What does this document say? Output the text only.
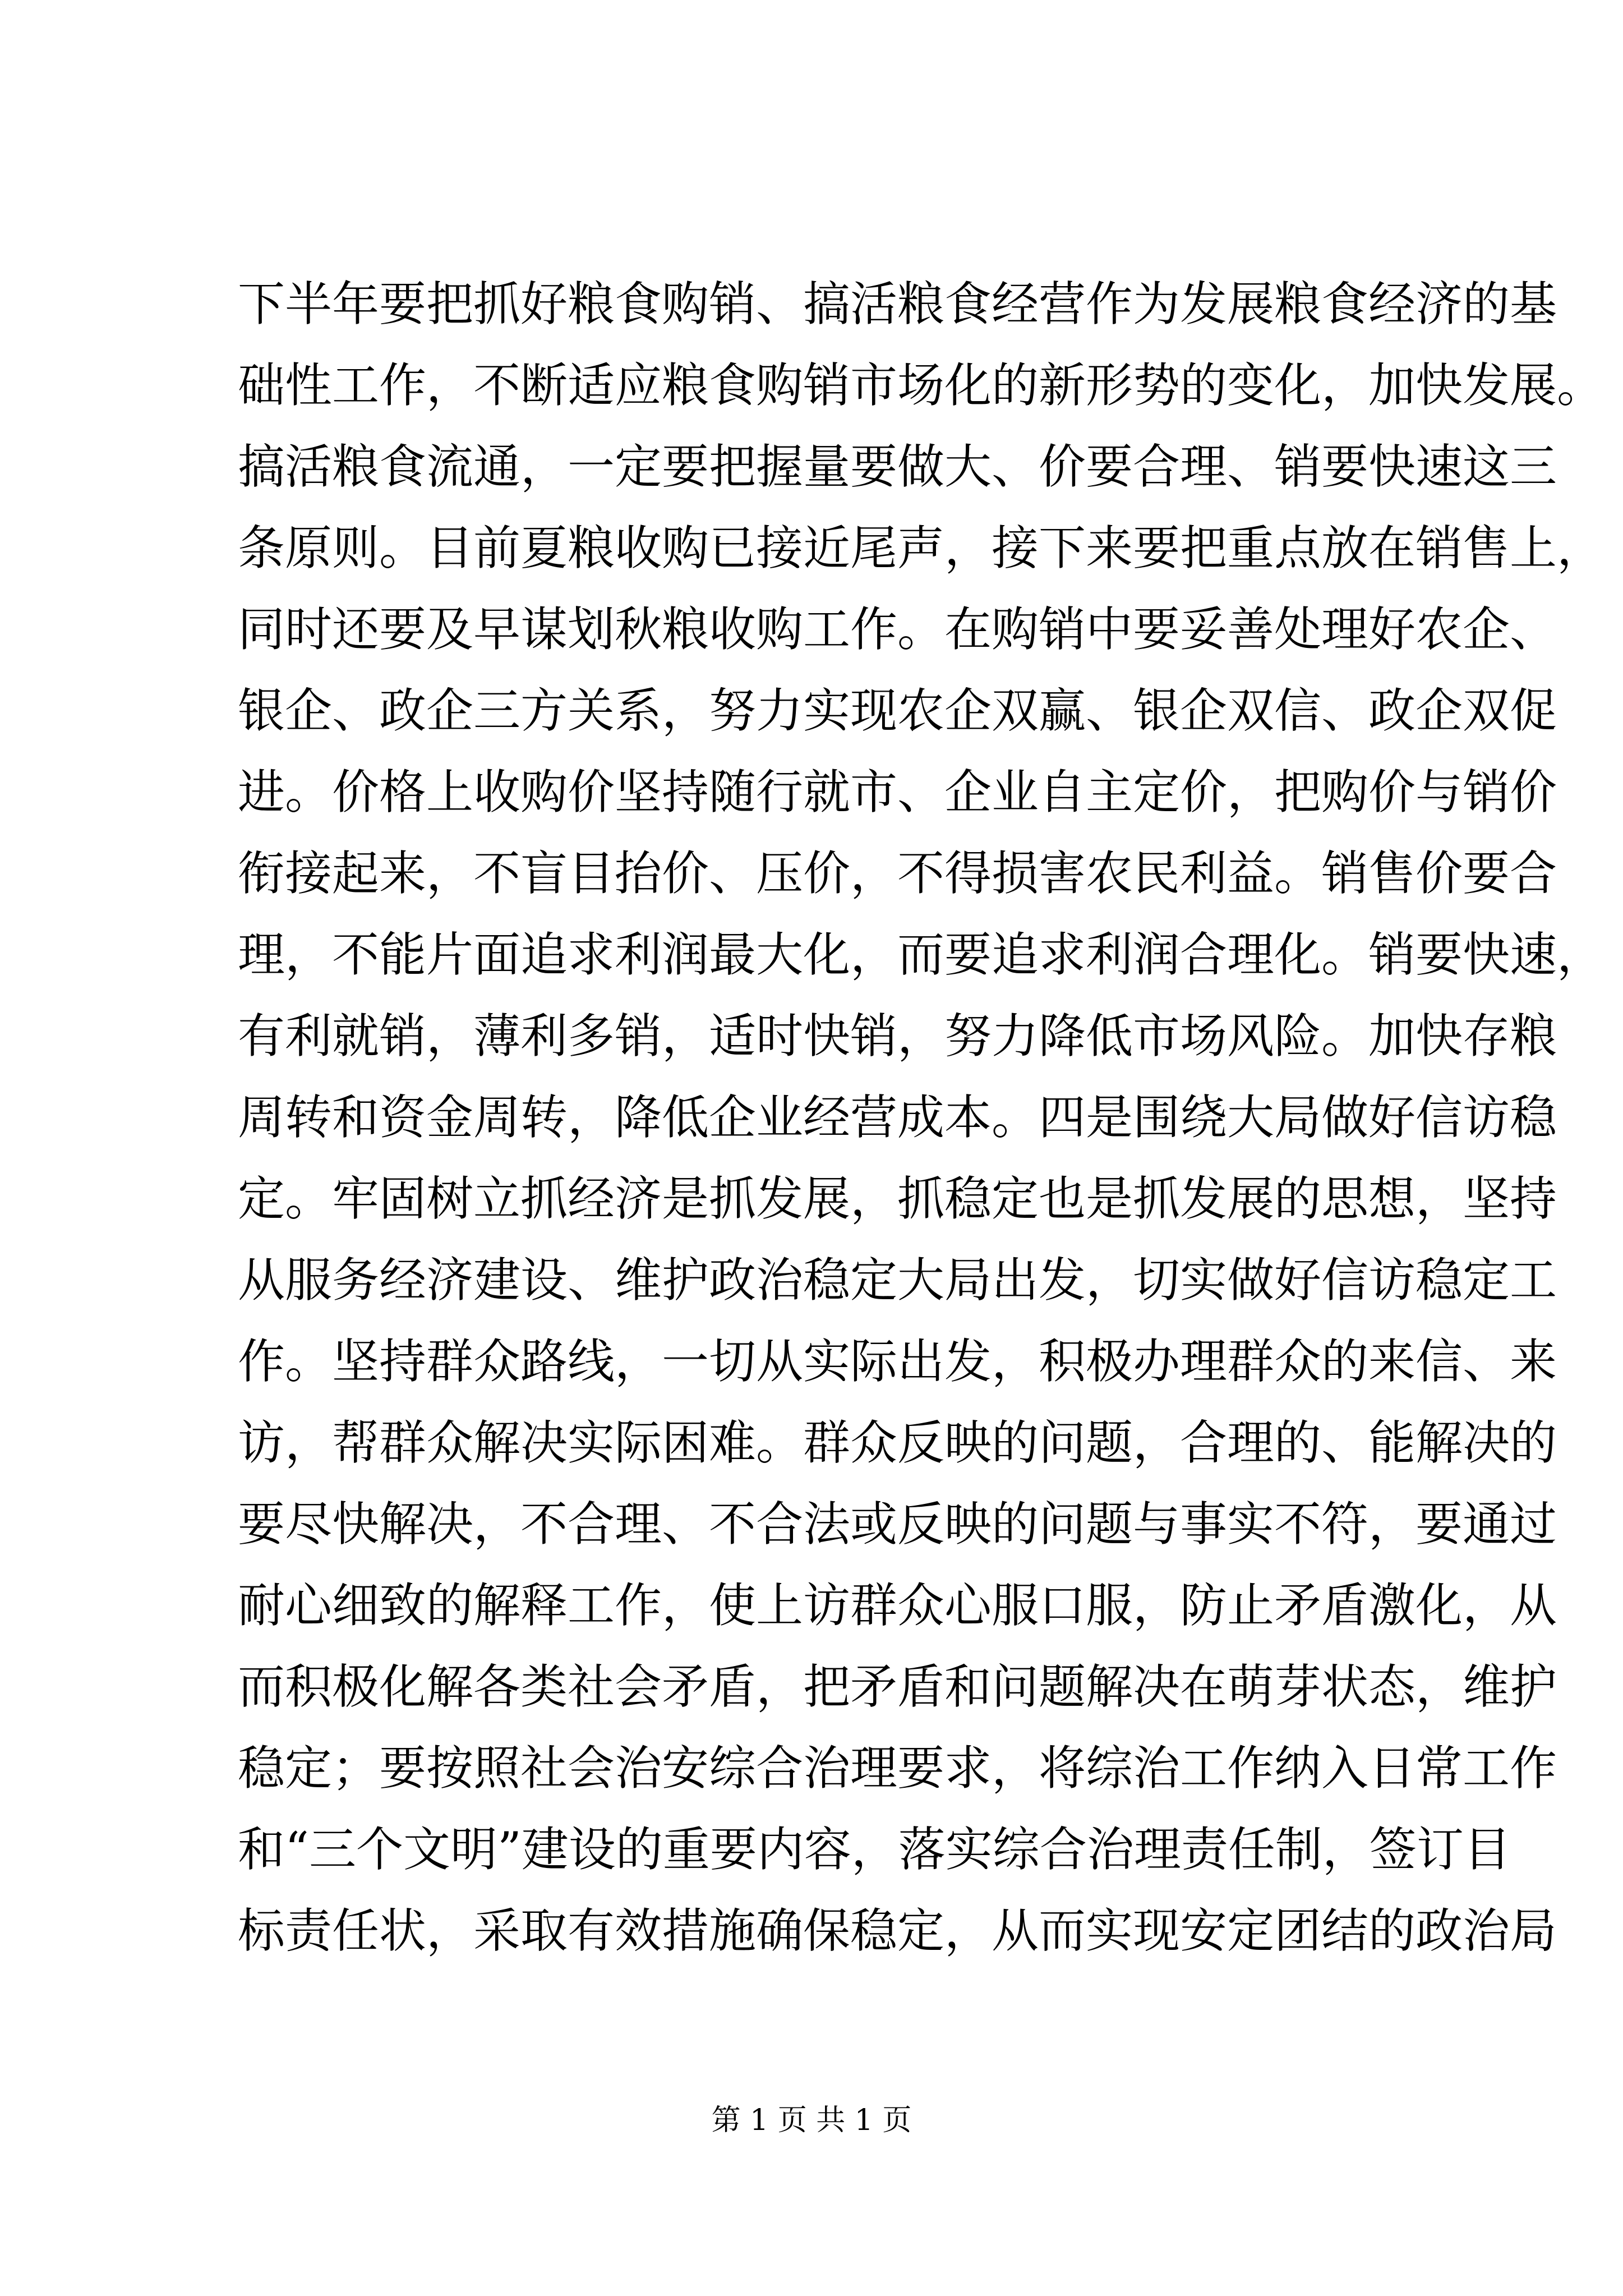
下半年要把抓好粮食购销、搞活粮食经营作为发展粮食经济的基
础性工作，不断适应粮食购销市场化的新形势的变化，加快发展。
搞活粮食流通，一定要把握量要做大、价要合理、销要快速这三
条原则。目前夏粮收购已接近尾声，接下来要把重点放在销售上，
同时还要及早谋划秋粮收购工作。在购销中要妥善处理好农企、
银企、政企三方关系，努力实现农企双赢、银企双信、政企双促
进。价格上收购价坚持随行就市、企业自主定价，把购价与销价
衔接起来，不盲目抬价、压价，不得损害农民利益。销售价要合
理，不能片面追求利润最大化，而要追求利润合理化。销要快速，
有利就销，薄利多销，适时快销，努力降低市场风险。加快存粮
周转和资金周转，降低企业经营成本。四是围绕大局做好信访稳
定。牢固树立抓经济是抓发展，抓稳定也是抓发展的思想，坚持
从服务经济建设、维护政治稳定大局出发，切实做好信访稳定工
作。坚持群众路线，一切从实际出发，积极办理群众的来信、来
访，帮群众解决实际困难。群众反映的问题，合理的、能解决的
要尽快解决，不合理、不合法或反映的问题与事实不符，要通过
耐心细致的解释工作，使上访群众心服口服，防止矛盾激化，从
而积极化解各类社会矛盾，把矛盾和问题解决在萌芽状态，维护
稳定；要按照社会治安综合治理要求，将综治工作纳入日常工作
和“三个文明”建设的重要内容，落实综合治理责任制，签订目
标责任状，采取有效措施确保稳定，从而实现安定团结的政治局
第 1 页 共 1 页
